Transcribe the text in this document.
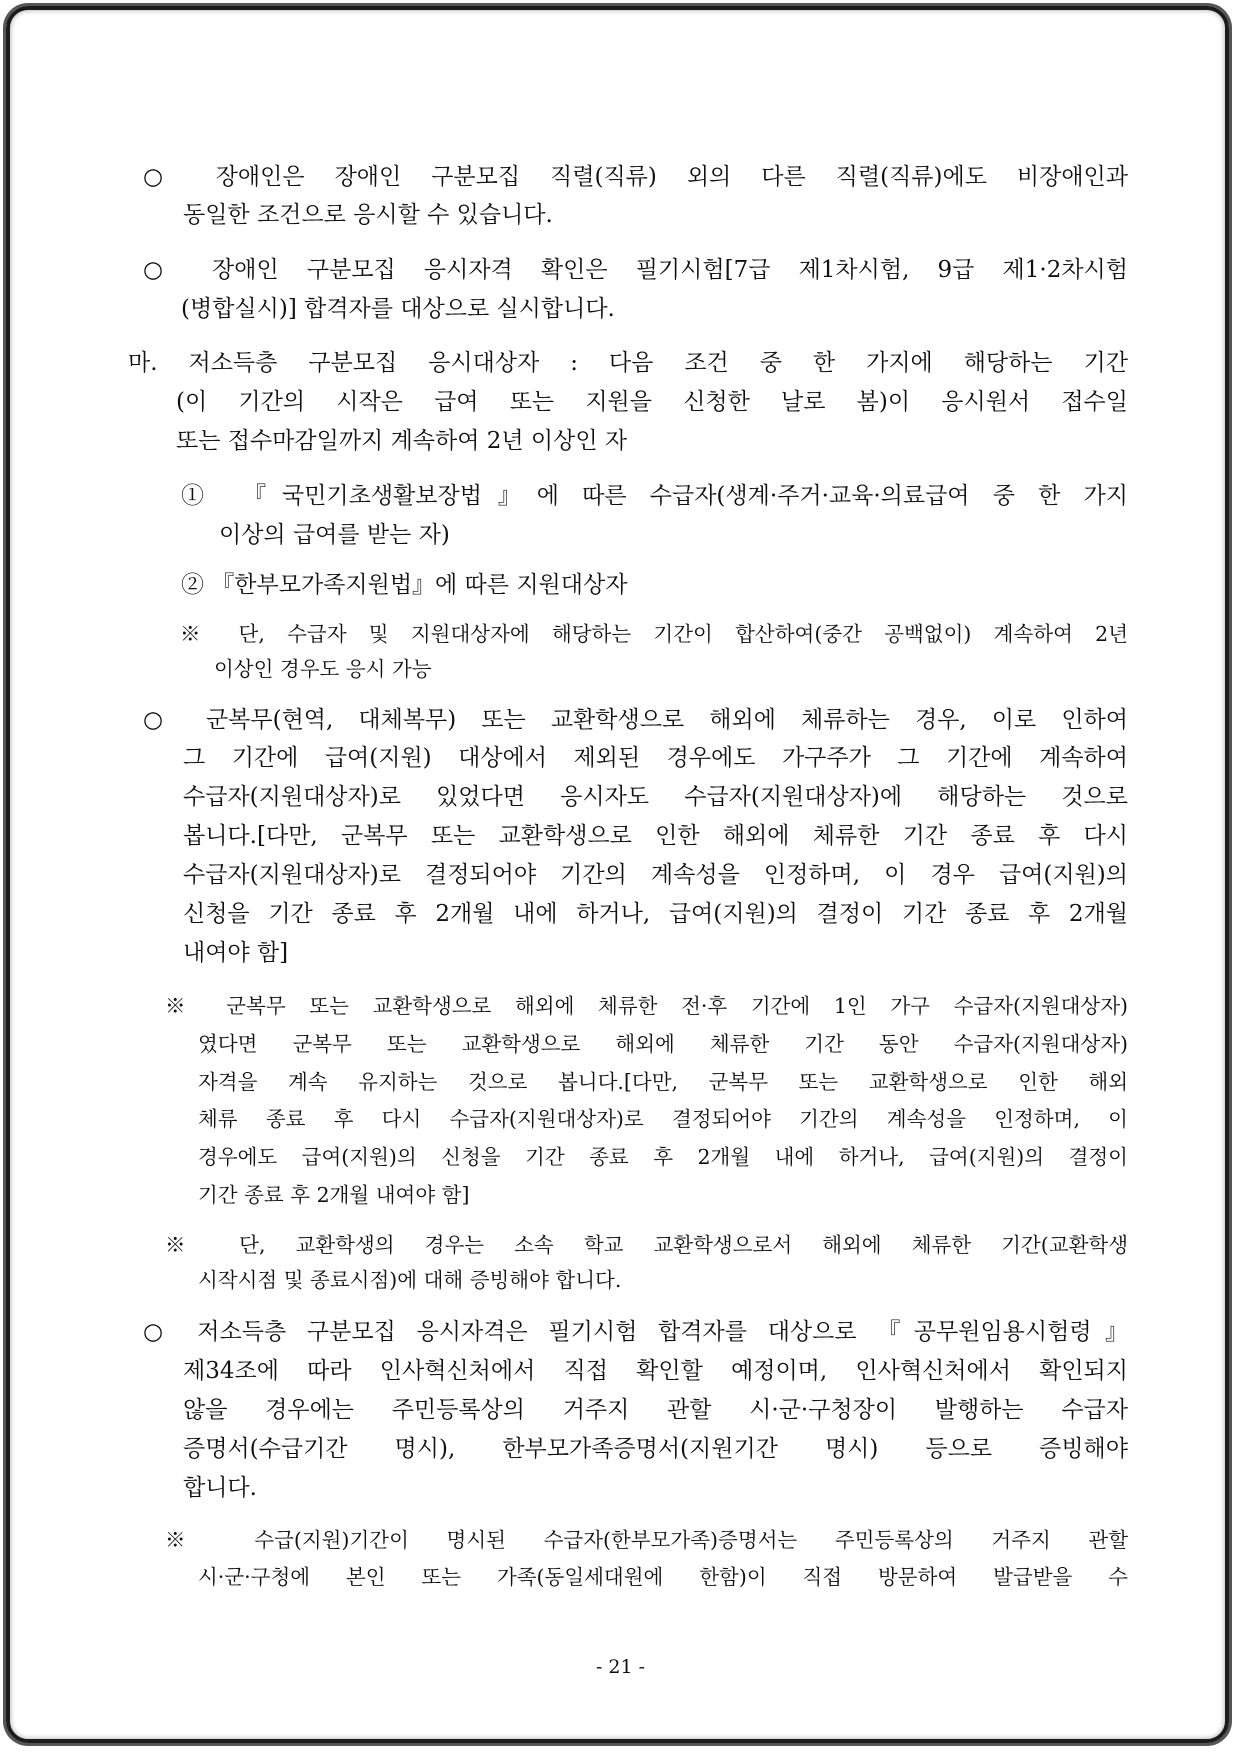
○ 장애인은 장애인 구분모집 직렬(직류) 외의 다른 직렬(직류)에도 비장애인과
동일한 조건으로 응시할 수 있습니다.
○ 장애인 구분모집 응시자격 확인은 필기시험[7급 제1차시험, 9급 제1·2차시험
(병합실시)] 합격자를 대상으로 실시합니다.
마. 저소득층 구분모집 응시대상자 : 다음 조건 중 한 가지에 해당하는 기간
(이 기간의 시작은 급여 또는 지원을 신청한 날로 봄)이 응시원서 접수일
또는 접수마감일까지 계속하여 2년 이상인 자
① 『국민기초생활보장법』에 따른 수급자(생계·주거·교육·의료급여 중 한 가지
이상의 급여를 받는 자)
② 『한부모가족지원법』에 따른 지원대상자
※ 단, 수급자 및 지원대상자에 해당하는 기간이 합산하여(중간 공백없이) 계속하여 2년
이상인 경우도 응시 가능
○ 군복무(현역, 대체복무) 또는 교환학생으로 해외에 체류하는 경우, 이로 인하여
그 기간에 급여(지원) 대상에서 제외된 경우에도 가구주가 그 기간에 계속하여
수급자(지원대상자)로 있었다면 응시자도 수급자(지원대상자)에 해당하는 것으로
봅니다.[다만, 군복무 또는 교환학생으로 인한 해외에 체류한 기간 종료 후 다시
수급자(지원대상자)로 결정되어야 기간의 계속성을 인정하며, 이 경우 급여(지원)의
신청을 기간 종료 후 2개월 내에 하거나, 급여(지원)의 결정이 기간 종료 후 2개월
내여야 함]
※ 군복무 또는 교환학생으로 해외에 체류한 전·후 기간에 1인 가구 수급자(지원대상자)
였다면 군복무 또는 교환학생으로 해외에 체류한 기간 동안 수급자(지원대상자)
자격을 계속 유지하는 것으로 봅니다.[다만, 군복무 또는 교환학생으로 인한 해외
체류 종료 후 다시 수급자(지원대상자)로 결정되어야 기간의 계속성을 인정하며, 이
경우에도 급여(지원)의 신청을 기간 종료 후 2개월 내에 하거나, 급여(지원)의 결정이
기간 종료 후 2개월 내여야 함]
※ 단, 교환학생의 경우는 소속 학교 교환학생으로서 해외에 체류한 기간(교환학생
시작시점 및 종료시점)에 대해 증빙해야 합니다.
○ 저소득층 구분모집 응시자격은 필기시험 합격자를 대상으로 『공무원임용시험령』
제34조에 따라 인사혁신처에서 직접 확인할 예정이며, 인사혁신처에서 확인되지
않을 경우에는 주민등록상의 거주지 관할 시·군·구청장이 발행하는 수급자
증명서(수급기간 명시), 한부모가족증명서(지원기간 명시) 등으로 증빙해야
합니다.
※ 수급(지원)기간이 명시된 수급자(한부모가족)증명서는 주민등록상의 거주지 관할
시·군·구청에 본인 또는 가족(동일세대원에 한함)이 직접 방문하여 발급받을 수
- 21 -
